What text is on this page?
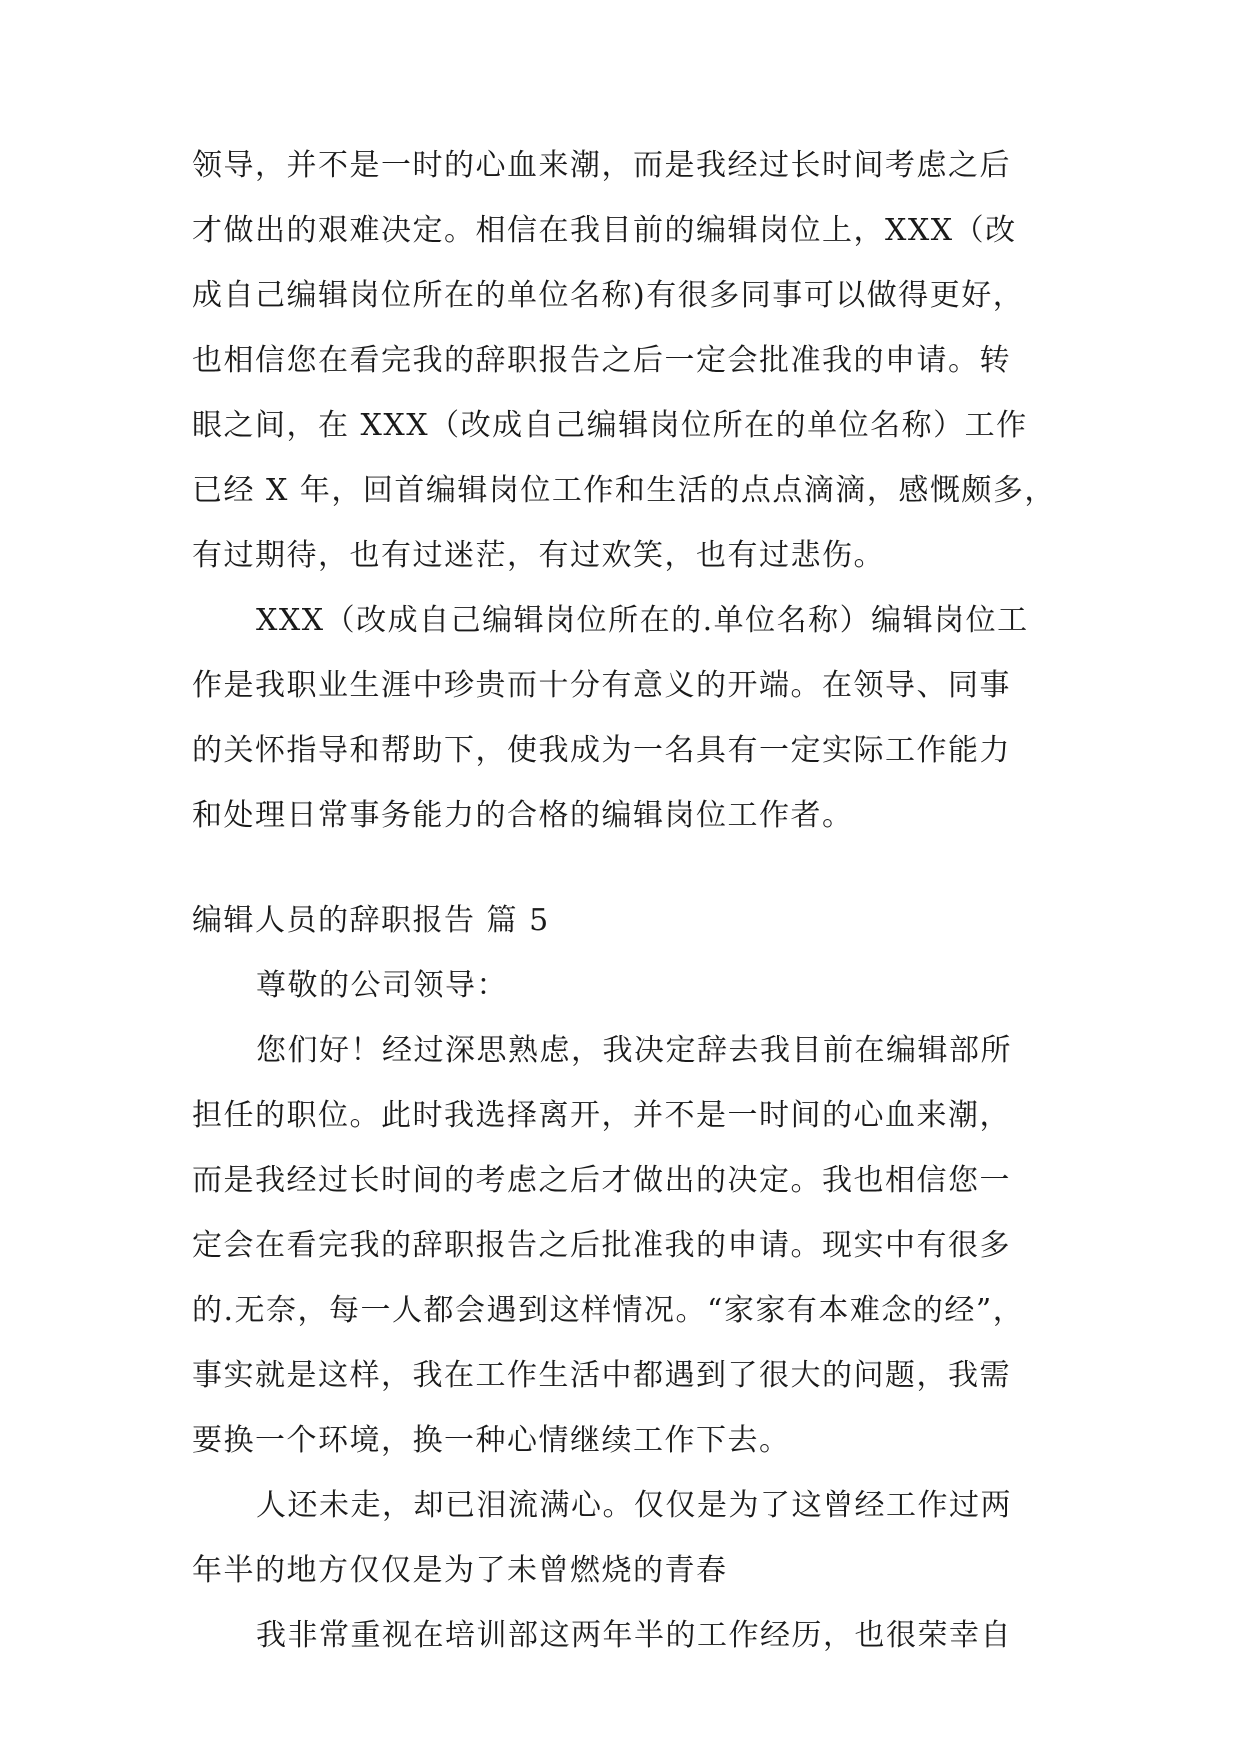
领导，并不是一时的心血来潮，而是我经过长时间考虑之后
才做出的艰难决定。相信在我目前的编辑岗位上，XXX（改
成自己编辑岗位所在的单位名称)有很多同事可以做得更好，
也相信您在看完我的辞职报告之后一定会批准我的申请。转
眼之间，在 XXX（改成自己编辑岗位所在的单位名称）工作
已经 X 年，回首编辑岗位工作和生活的点点滴滴，感慨颇多，
有过期待，也有过迷茫，有过欢笑，也有过悲伤。
XXX（改成自己编辑岗位所在的.单位名称）编辑岗位工
作是我职业生涯中珍贵而十分有意义的开端。在领导、同事
的关怀指导和帮助下，使我成为一名具有一定实际工作能力
和处理日常事务能力的合格的编辑岗位工作者。
编辑人员的辞职报告 篇 5
尊敬的公司领导：
您们好！经过深思熟虑，我决定辞去我目前在编辑部所
担任的职位。此时我选择离开，并不是一时间的心血来潮，
而是我经过长时间的考虑之后才做出的决定。我也相信您一
定会在看完我的辞职报告之后批准我的申请。现实中有很多
的.无奈，每一人都会遇到这样情况。“家家有本难念的经”，
事实就是这样，我在工作生活中都遇到了很大的问题，我需
要换一个环境，换一种心情继续工作下去。
人还未走，却已泪流满心。仅仅是为了这曾经工作过两
年半的地方仅仅是为了未曾燃烧的青春
我非常重视在培训部这两年半的工作经历，也很荣幸自
